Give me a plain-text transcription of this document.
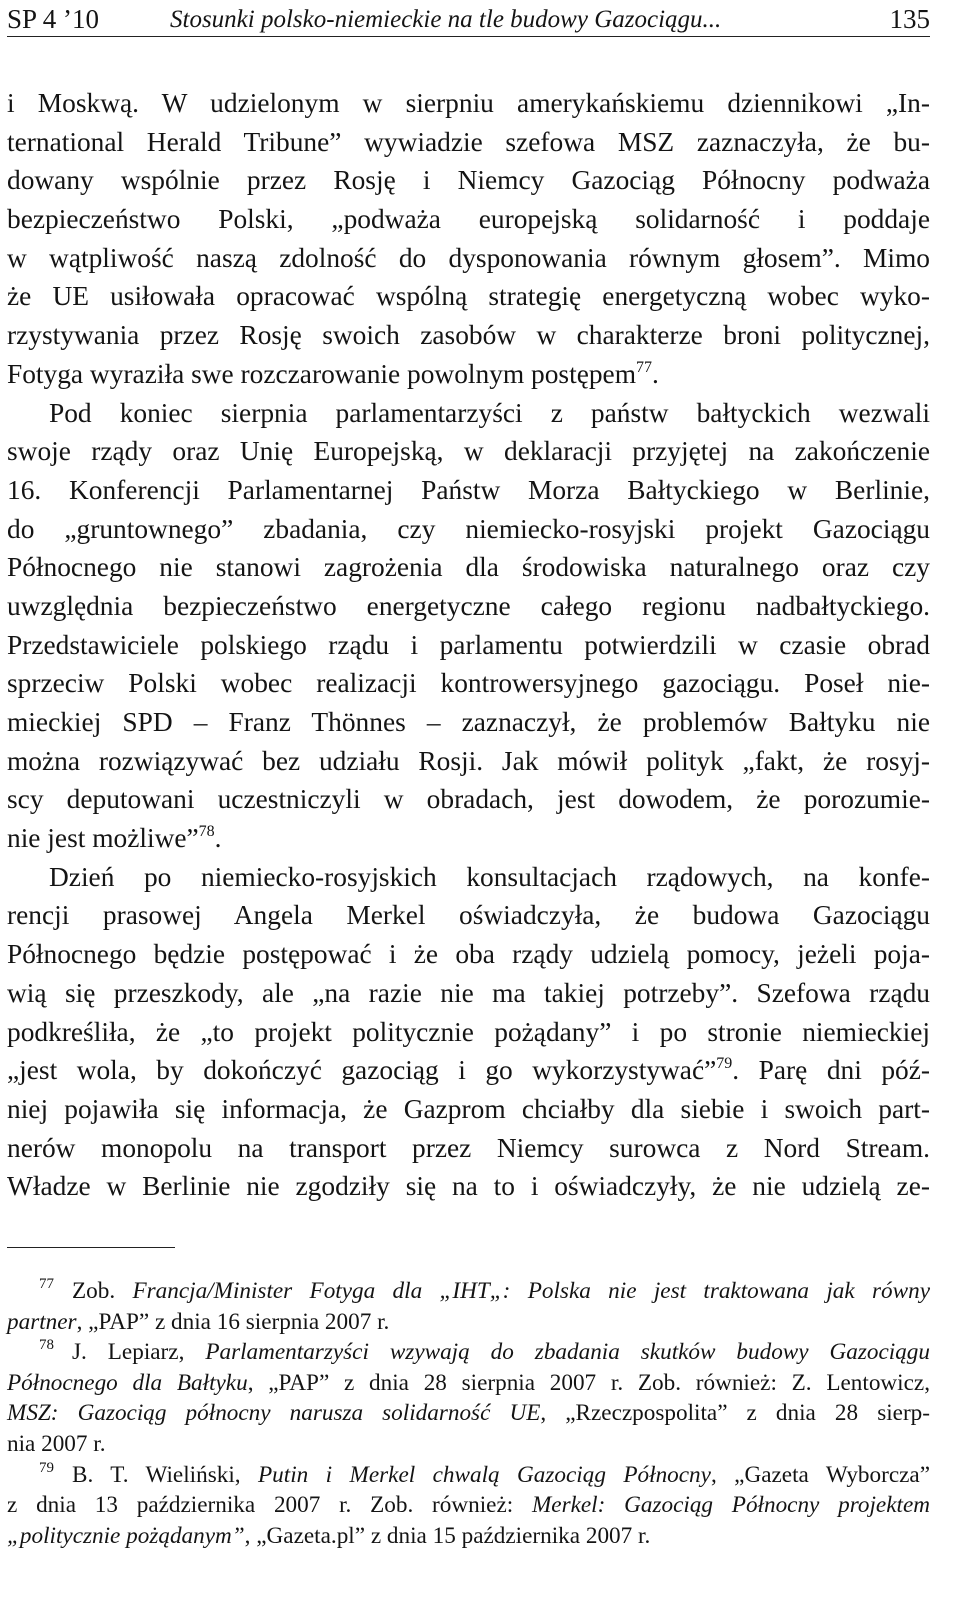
SP 4 ’10	Stosunki polsko-niemieckie na tle budowy Gazociągu...	135
i Moskwą. W udzielonym w sierpniu amerykańskiemu dziennikowi „In-
ternational Herald Tribune” wywiadzie szefowa MSZ zaznaczyła, że bu-
dowany wspólnie przez Rosję i Niemcy Gazociąg Północny podważa
bezpieczeństwo Polski, „podważa europejską solidarność i poddaje
w wątpliwość naszą zdolność do dysponowania równym głosem”. Mimo
że UE usiłowała opracować wspólną strategię energetyczną wobec wyko-
rzystywania przez Rosję swoich zasobów w charakterze broni politycznej,
Fotyga wyraziła swe rozczarowanie powolnym postępem$^{77}$.
Pod koniec sierpnia parlamentarzyści z państw bałtyckich wezwali
swoje rządy oraz Unię Europejską, w deklaracji przyjętej na zakończenie
16. Konferencji Parlamentarnej Państw Morza Bałtyckiego w Berlinie,
do „gruntownego” zbadania, czy niemiecko-rosyjski projekt Gazociągu
Północnego nie stanowi zagrożenia dla środowiska naturalnego oraz czy
uwzględnia bezpieczeństwo energetyczne całego regionu nadbałtyckiego.
Przedstawiciele polskiego rządu i parlamentu potwierdzili w czasie obrad
sprzeciw Polski wobec realizacji kontrowersyjnego gazociągu. Poseł nie-
mieckiej SPD – Franz Thönnes – zaznaczył, że problemów Bałtyku nie
można rozwiązywać bez udziału Rosji. Jak mówił polityk „fakt, że rosyj-
scy deputowani uczestniczyli w obradach, jest dowodem, że porozumie-
nie jest możliwe”$^{78}$.
Dzień po niemiecko-rosyjskich konsultacjach rządowych, na konfe-
rencji prasowej Angela Merkel oświadczyła, że budowa Gazociągu
Północnego będzie postępować i że oba rządy udzielą pomocy, jeżeli poja-
wią się przeszkody, ale „na razie nie ma takiej potrzeby”. Szefowa rządu
podkreśliła, że „to projekt politycznie pożądany” i po stronie niemieckiej
„jest wola, by dokończyć gazociąg i go wykorzystywać”$^{79}$. Parę dni póź-
niej pojawiła się informacja, że Gazprom chciałby dla siebie i swoich part-
nerów monopolu na transport przez Niemcy surowca z Nord Stream.
Władze w Berlinie nie zgodziły się na to i oświadczyły, że nie udzielą ze-
$^{77}$ Zob. Francja/Minister Fotyga dla „IHT„: Polska nie jest traktowana jak równy
partner, „PAP” z dnia 16 sierpnia 2007 r.
$^{78}$ J. Lepiarz, Parlamentarzyści wzywają do zbadania skutków budowy Gazociągu
Północnego dla Bałtyku, „PAP” z dnia 28 sierpnia 2007 r. Zob. również: Z. Lentowicz,
MSZ: Gazociąg północny narusza solidarność UE, „Rzeczpospolita” z dnia 28 sierp-
nia 2007 r.
$^{79}$ B. T. Wieliński, Putin i Merkel chwalą Gazociąg Północny, „Gazeta Wyborcza”
z dnia 13 października 2007 r. Zob. również: Merkel: Gazociąg Północny projektem
„politycznie pożądanym”, „Gazeta.pl” z dnia 15 października 2007 r.
